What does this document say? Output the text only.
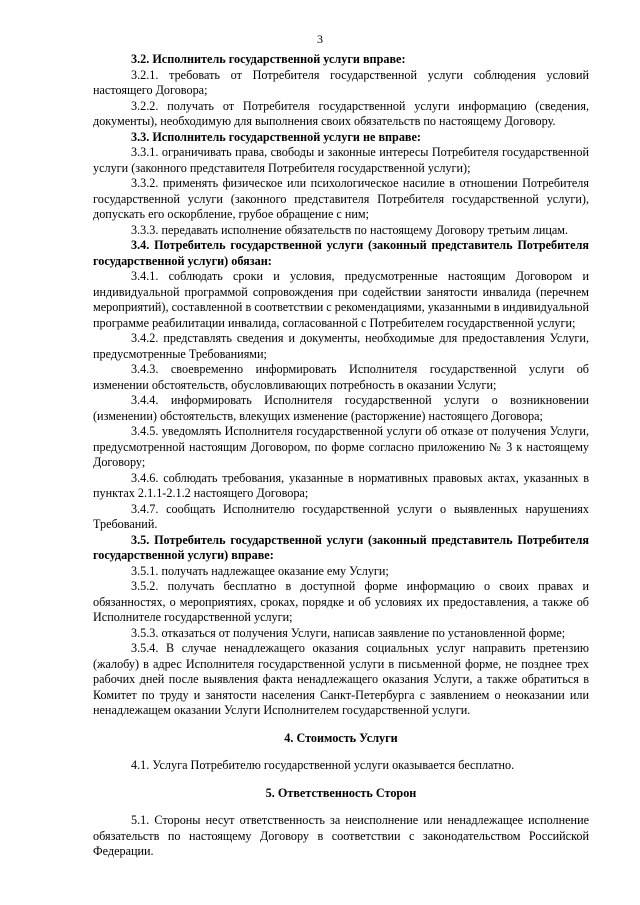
3

3.2. Исполнитель государственной услуги вправе:

3.2.1. требовать от Потребителя государственной услуги соблюдения условий настоящего Договора;

3.2.2. получать от Потребителя государственной услуги информацию (сведения, документы), необходимую для выполнения своих обязательств по настоящему Договору.

3.3. Исполнитель государственной услуги не вправе:

3.3.1. ограничивать права, свободы и законные интересы Потребителя государственной услуги (законного представителя Потребителя государственной услуги);

3.3.2. применять физическое или психологическое насилие в отношении Потребителя государственной услуги (законного представителя Потребителя государственной услуги), допускать его оскорбление, грубое обращение с ним;

3.3.3. передавать исполнение обязательств по настоящему Договору третьим лицам.

3.4. Потребитель государственной услуги (законный представитель Потребителя государственной услуги) обязан:

3.4.1. соблюдать сроки и условия, предусмотренные настоящим Договором и индивидуальной программой сопровождения при содействии занятости инвалида (перечнем мероприятий), составленной в соответствии с рекомендациями, указанными в индивидуальной программе реабилитации инвалида, согласованной с Потребителем государственной услуги;

3.4.2. представлять сведения и документы, необходимые для предоставления Услуги, предусмотренные Требованиями;

3.4.3. своевременно информировать Исполнителя государственной услуги об изменении обстоятельств, обусловливающих потребность в оказании Услуги;

3.4.4. информировать Исполнителя государственной услуги о возникновении (изменении) обстоятельств, влекущих изменение (расторжение) настоящего Договора;

3.4.5. уведомлять Исполнителя государственной услуги об отказе от получения Услуги, предусмотренной настоящим Договором, по форме согласно приложению № 3 к настоящему Договору;

3.4.6. соблюдать требования, указанные в нормативных правовых актах, указанных в пунктах 2.1.1-2.1.2 настоящего Договора;

3.4.7. сообщать Исполнителю государственной услуги о выявленных нарушениях Требований.

3.5. Потребитель государственной услуги (законный представитель Потребителя государственной услуги) вправе:

3.5.1. получать надлежащее оказание ему Услуги;

3.5.2. получать бесплатно в доступной форме информацию о своих правах и обязанностях, о мероприятиях, сроках, порядке и об условиях их предоставления, а также об Исполнителе государственной услуги;

3.5.3. отказаться от получения Услуги, написав заявление по установленной форме;

3.5.4. В случае ненадлежащего оказания социальных услуг направить претензию (жалобу) в адрес Исполнителя государственной услуги в письменной форме, не позднее трех рабочих дней после выявления факта ненадлежащего оказания Услуги, а также обратиться в Комитет по труду и занятости населения Санкт-Петербурга с заявлением о неоказании или ненадлежащем оказании Услуги Исполнителем государственной услуги.

4. Стоимость Услуги

4.1. Услуга Потребителю государственной услуги оказывается бесплатно.

5. Ответственность Сторон

5.1. Стороны несут ответственность за неисполнение или ненадлежащее исполнение обязательств по настоящему Договору в соответствии с законодательством Российской Федерации.
